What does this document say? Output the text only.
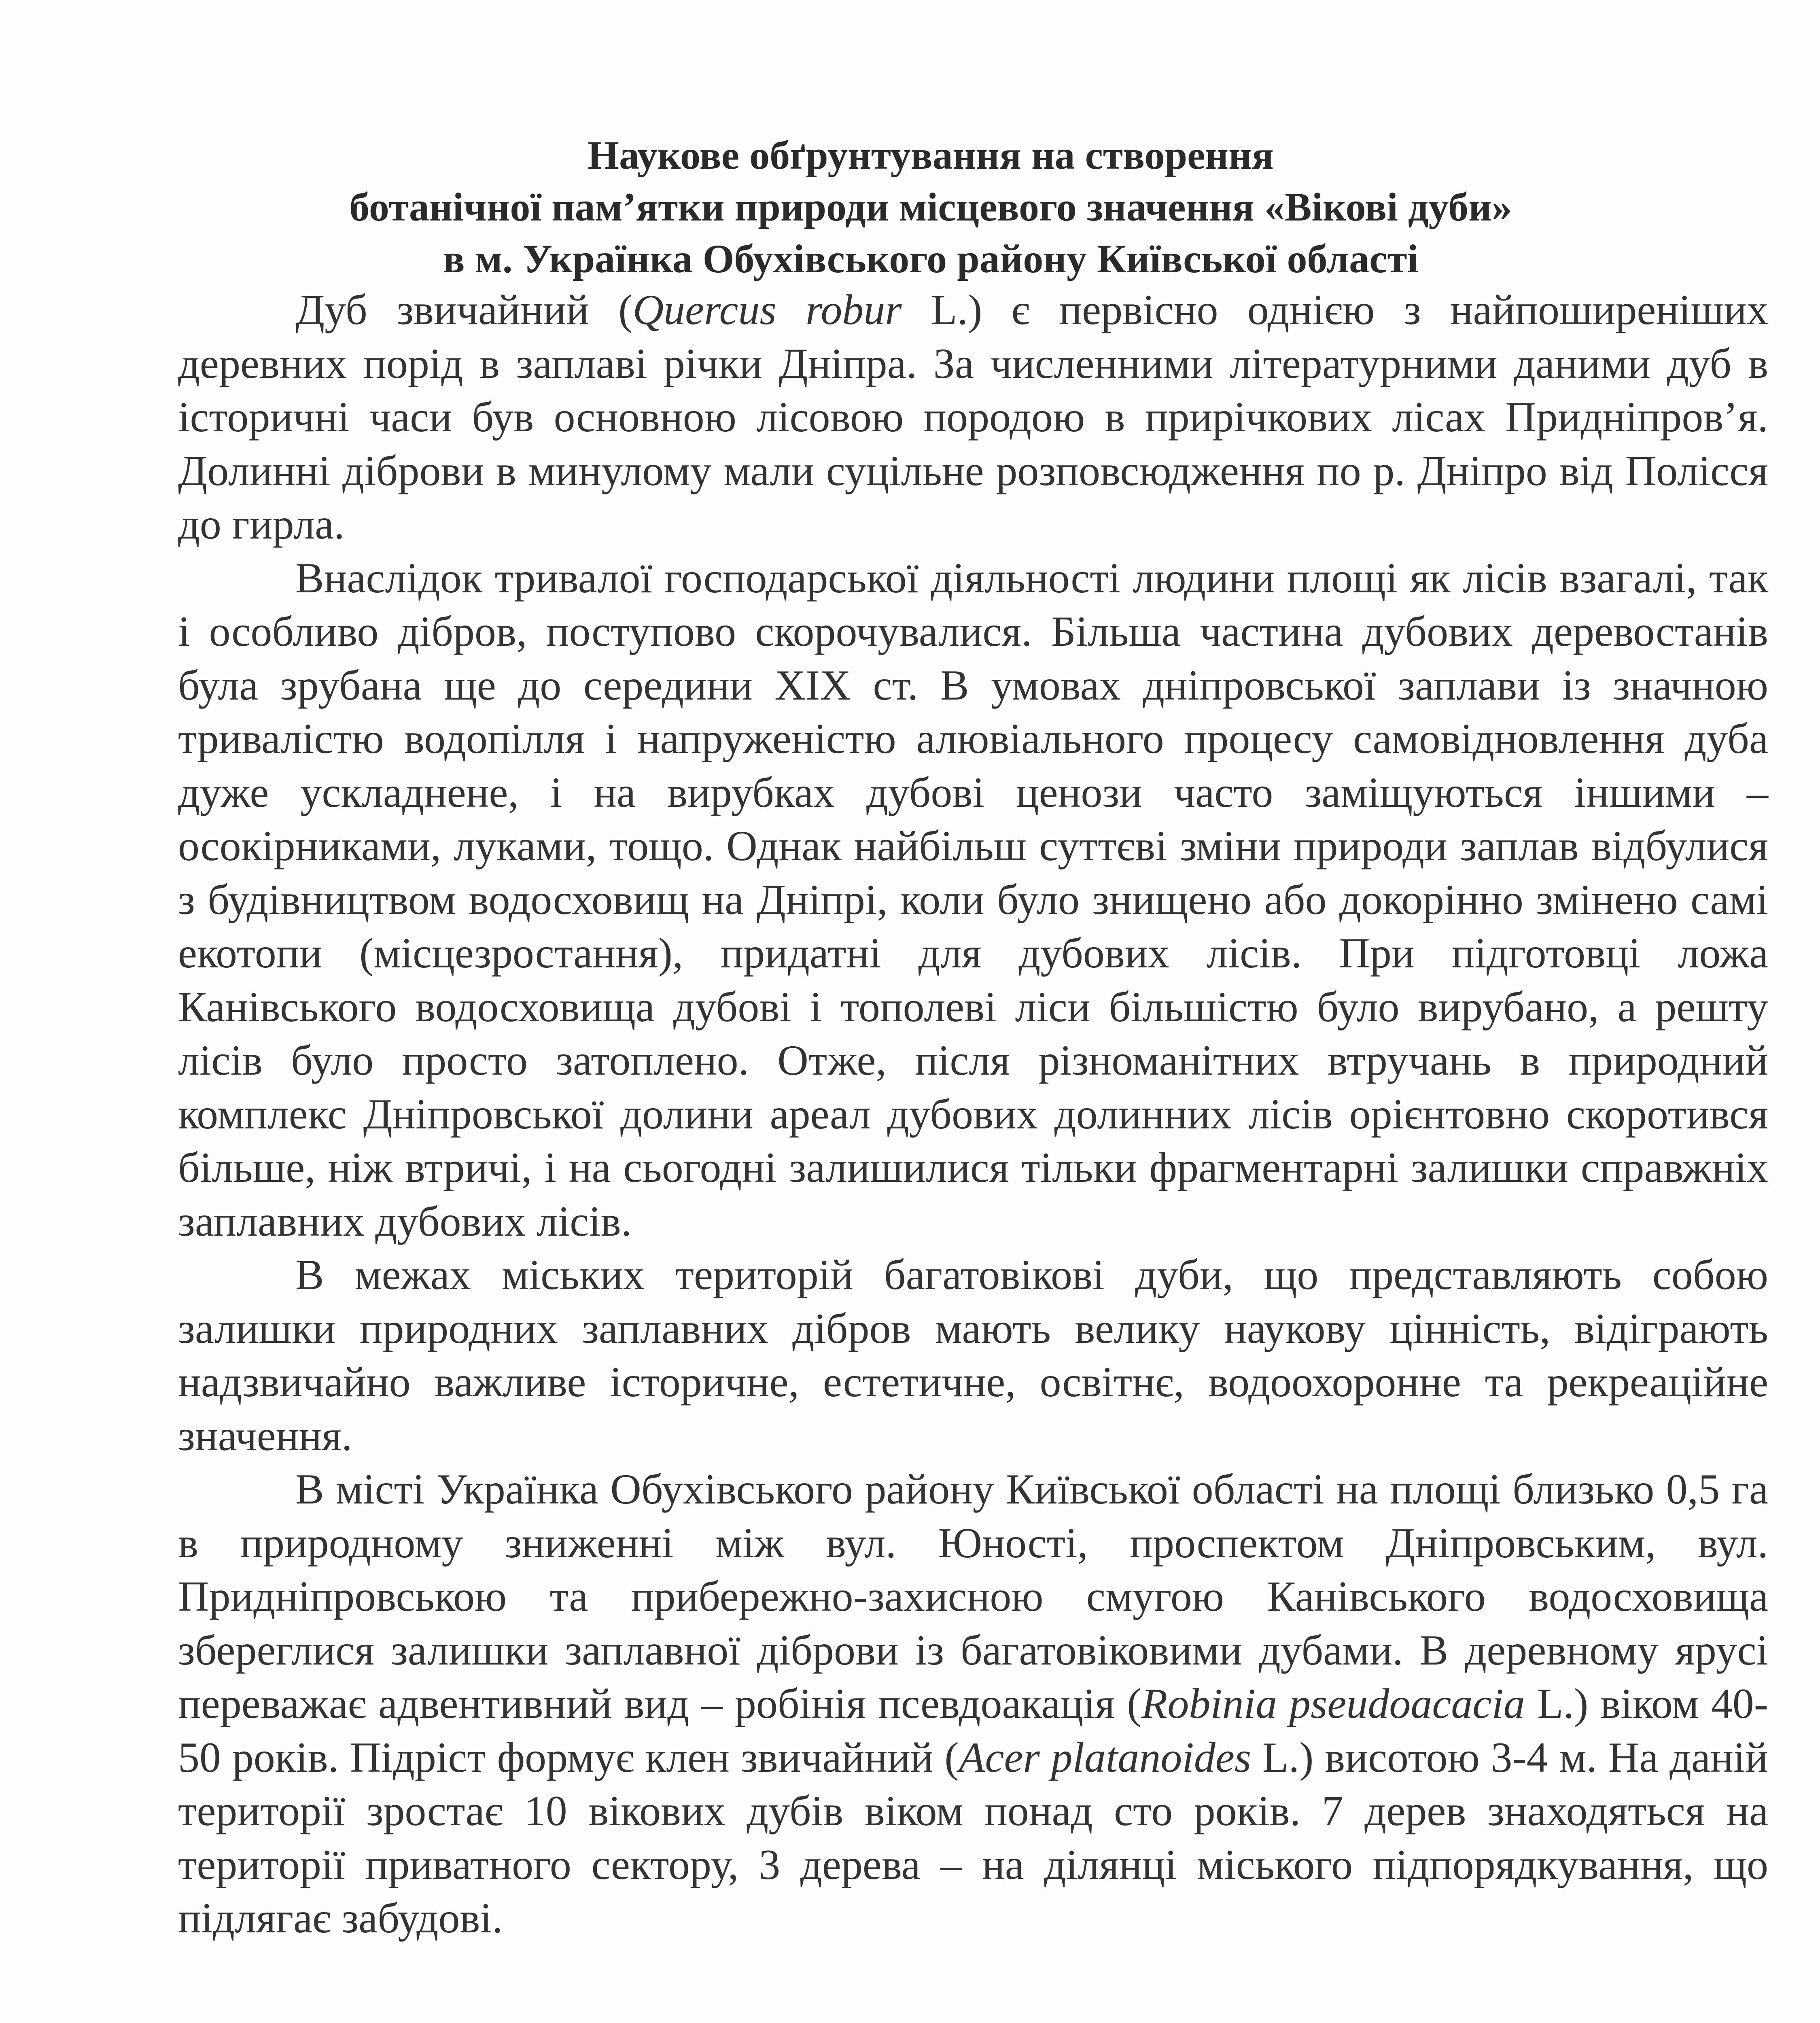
Наукове обґрунтування на створення
ботанічної пам’ятки природи місцевого значення «Вікові дуби»
в м. Українка Обухівського району Київської області

Дуб звичайний (Quercus robur L.) є первісно однією з найпоширеніших деревних порід в заплаві річки Дніпра. За численними літературними даними дуб в історичні часи був основною лісовою породою в прирічкових лісах Придніпров’я. Долинні діброви в минулому мали суцільне розповсюдження по р. Дніпро від Полісся до гирла.

Внаслідок тривалої господарської діяльності людини площі як лісів взагалі, так і особливо дібров, поступово скорочувалися. Більша частина дубових деревостанів була зрубана ще до середини XIX ст. В умовах дніпровської заплави із значною тривалістю водопілля і напруженістю алювіального процесу самовідновлення дуба дуже ускладнене, і на вирубках дубові ценози часто заміщуються іншими – осокірниками, луками, тощо. Однак найбільш суттєві зміни природи заплав відбулися з будівництвом водосховищ на Дніпрі, коли було знищено або докорінно змінено самі екотопи (місцезростання), придатні для дубових лісів. При підготовці ложа Канівського водосховища дубові і тополеві ліси більшістю було вирубано, а решту лісів було просто затоплено. Отже, після різноманітних втручань в природний комплекс Дніпровської долини ареал дубових долинних лісів орієнтовно скоротився більше, ніж втричі, і на сьогодні залишилися тільки фрагментарні залишки справжніх заплавних дубових лісів.

В межах міських територій багатовікові дуби, що представляють собою залишки природних заплавних дібров мають велику наукову цінність, відіграють надзвичайно важливе історичне, естетичне, освітнє, водоохоронне та рекреаційне значення.

В місті Українка Обухівського району Київської області на площі близько 0,5 га в природному зниженні між вул. Юності, проспектом Дніпровським, вул. Придніпровською та прибережно-захисною смугою Канівського водосховища збереглися залишки заплавної діброви із багатовіковими дубами. В деревному ярусі переважає адвентивний вид – робінія псевдоакація (Robinia pseudoacacia L.) віком 40-50 років. Підріст формує клен звичайний (Acer platanoides L.) висотою 3-4 м. На даній території зростає 10 вікових дубів віком понад сто років. 7 дерев знаходяться на території приватного сектору, 3 дерева – на ділянці міського підпорядкування, що підлягає забудові.
